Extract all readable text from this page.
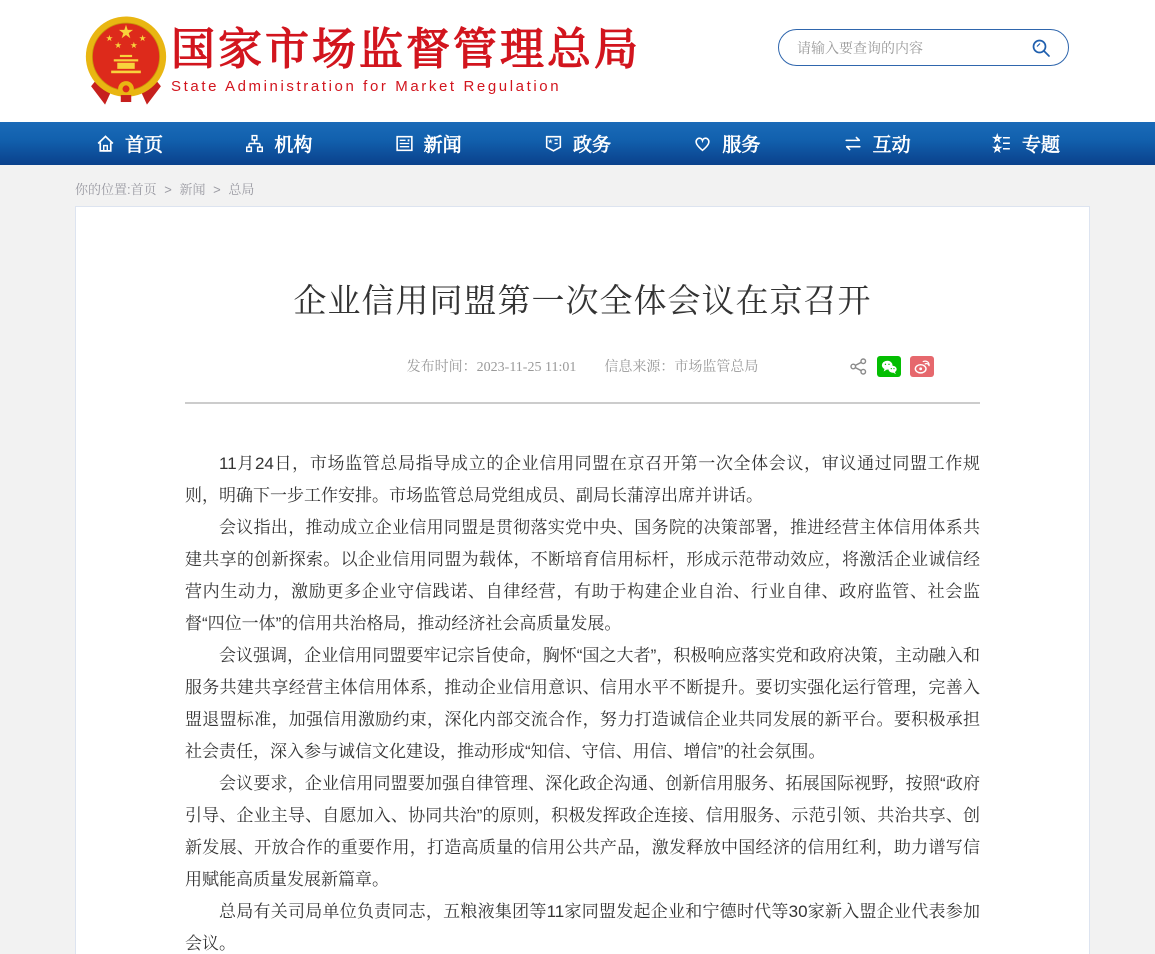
国家市场监督管理总局
State Administration for Market Regulation
请输入要查询的内容
首页	机构	新闻	政务	服务	互动	专题
你的位置:首页 > 新闻 > 总局
企业信用同盟第一次全体会议在京召开
发布时间：2023-11-25 11:01 信息来源：市场监管总局

11月24日，市场监管总局指导成立的企业信用同盟在京召开第一次全体会议，审议通过同盟工作规则，明确下一步工作安排。市场监管总局党组成员、副局长蒲淳出席并讲话。

会议指出，推动成立企业信用同盟是贯彻落实党中央、国务院的决策部署，推进经营主体信用体系共建共享的创新探索。以企业信用同盟为载体，不断培育信用标杆，形成示范带动效应，将激活企业诚信经营内生动力，激励更多企业守信践诺、自律经营，有助于构建企业自治、行业自律、政府监管、社会监督“四位一体”的信用共治格局，推动经济社会高质量发展。

会议强调，企业信用同盟要牢记宗旨使命，胸怀“国之大者”，积极响应落实党和政府决策，主动融入和服务共建共享经营主体信用体系，推动企业信用意识、信用水平不断提升。要切实强化运行管理，完善入盟退盟标准，加强信用激励约束，深化内部交流合作，努力打造诚信企业共同发展的新平台。要积极承担社会责任，深入参与诚信文化建设，推动形成“知信、守信、用信、增信”的社会氛围。

会议要求，企业信用同盟要加强自律管理、深化政企沟通、创新信用服务、拓展国际视野，按照“政府引导、企业主导、自愿加入、协同共治”的原则，积极发挥政企连接、信用服务、示范引领、共治共享、创新发展、开放合作的重要作用，打造高质量的信用公共产品，激发释放中国经济的信用红利，助力谱写信用赋能高质量发展新篇章。

总局有关司局单位负责同志，五粮液集团等11家同盟发起企业和宁德时代等30家新入盟企业代表参加会议。
